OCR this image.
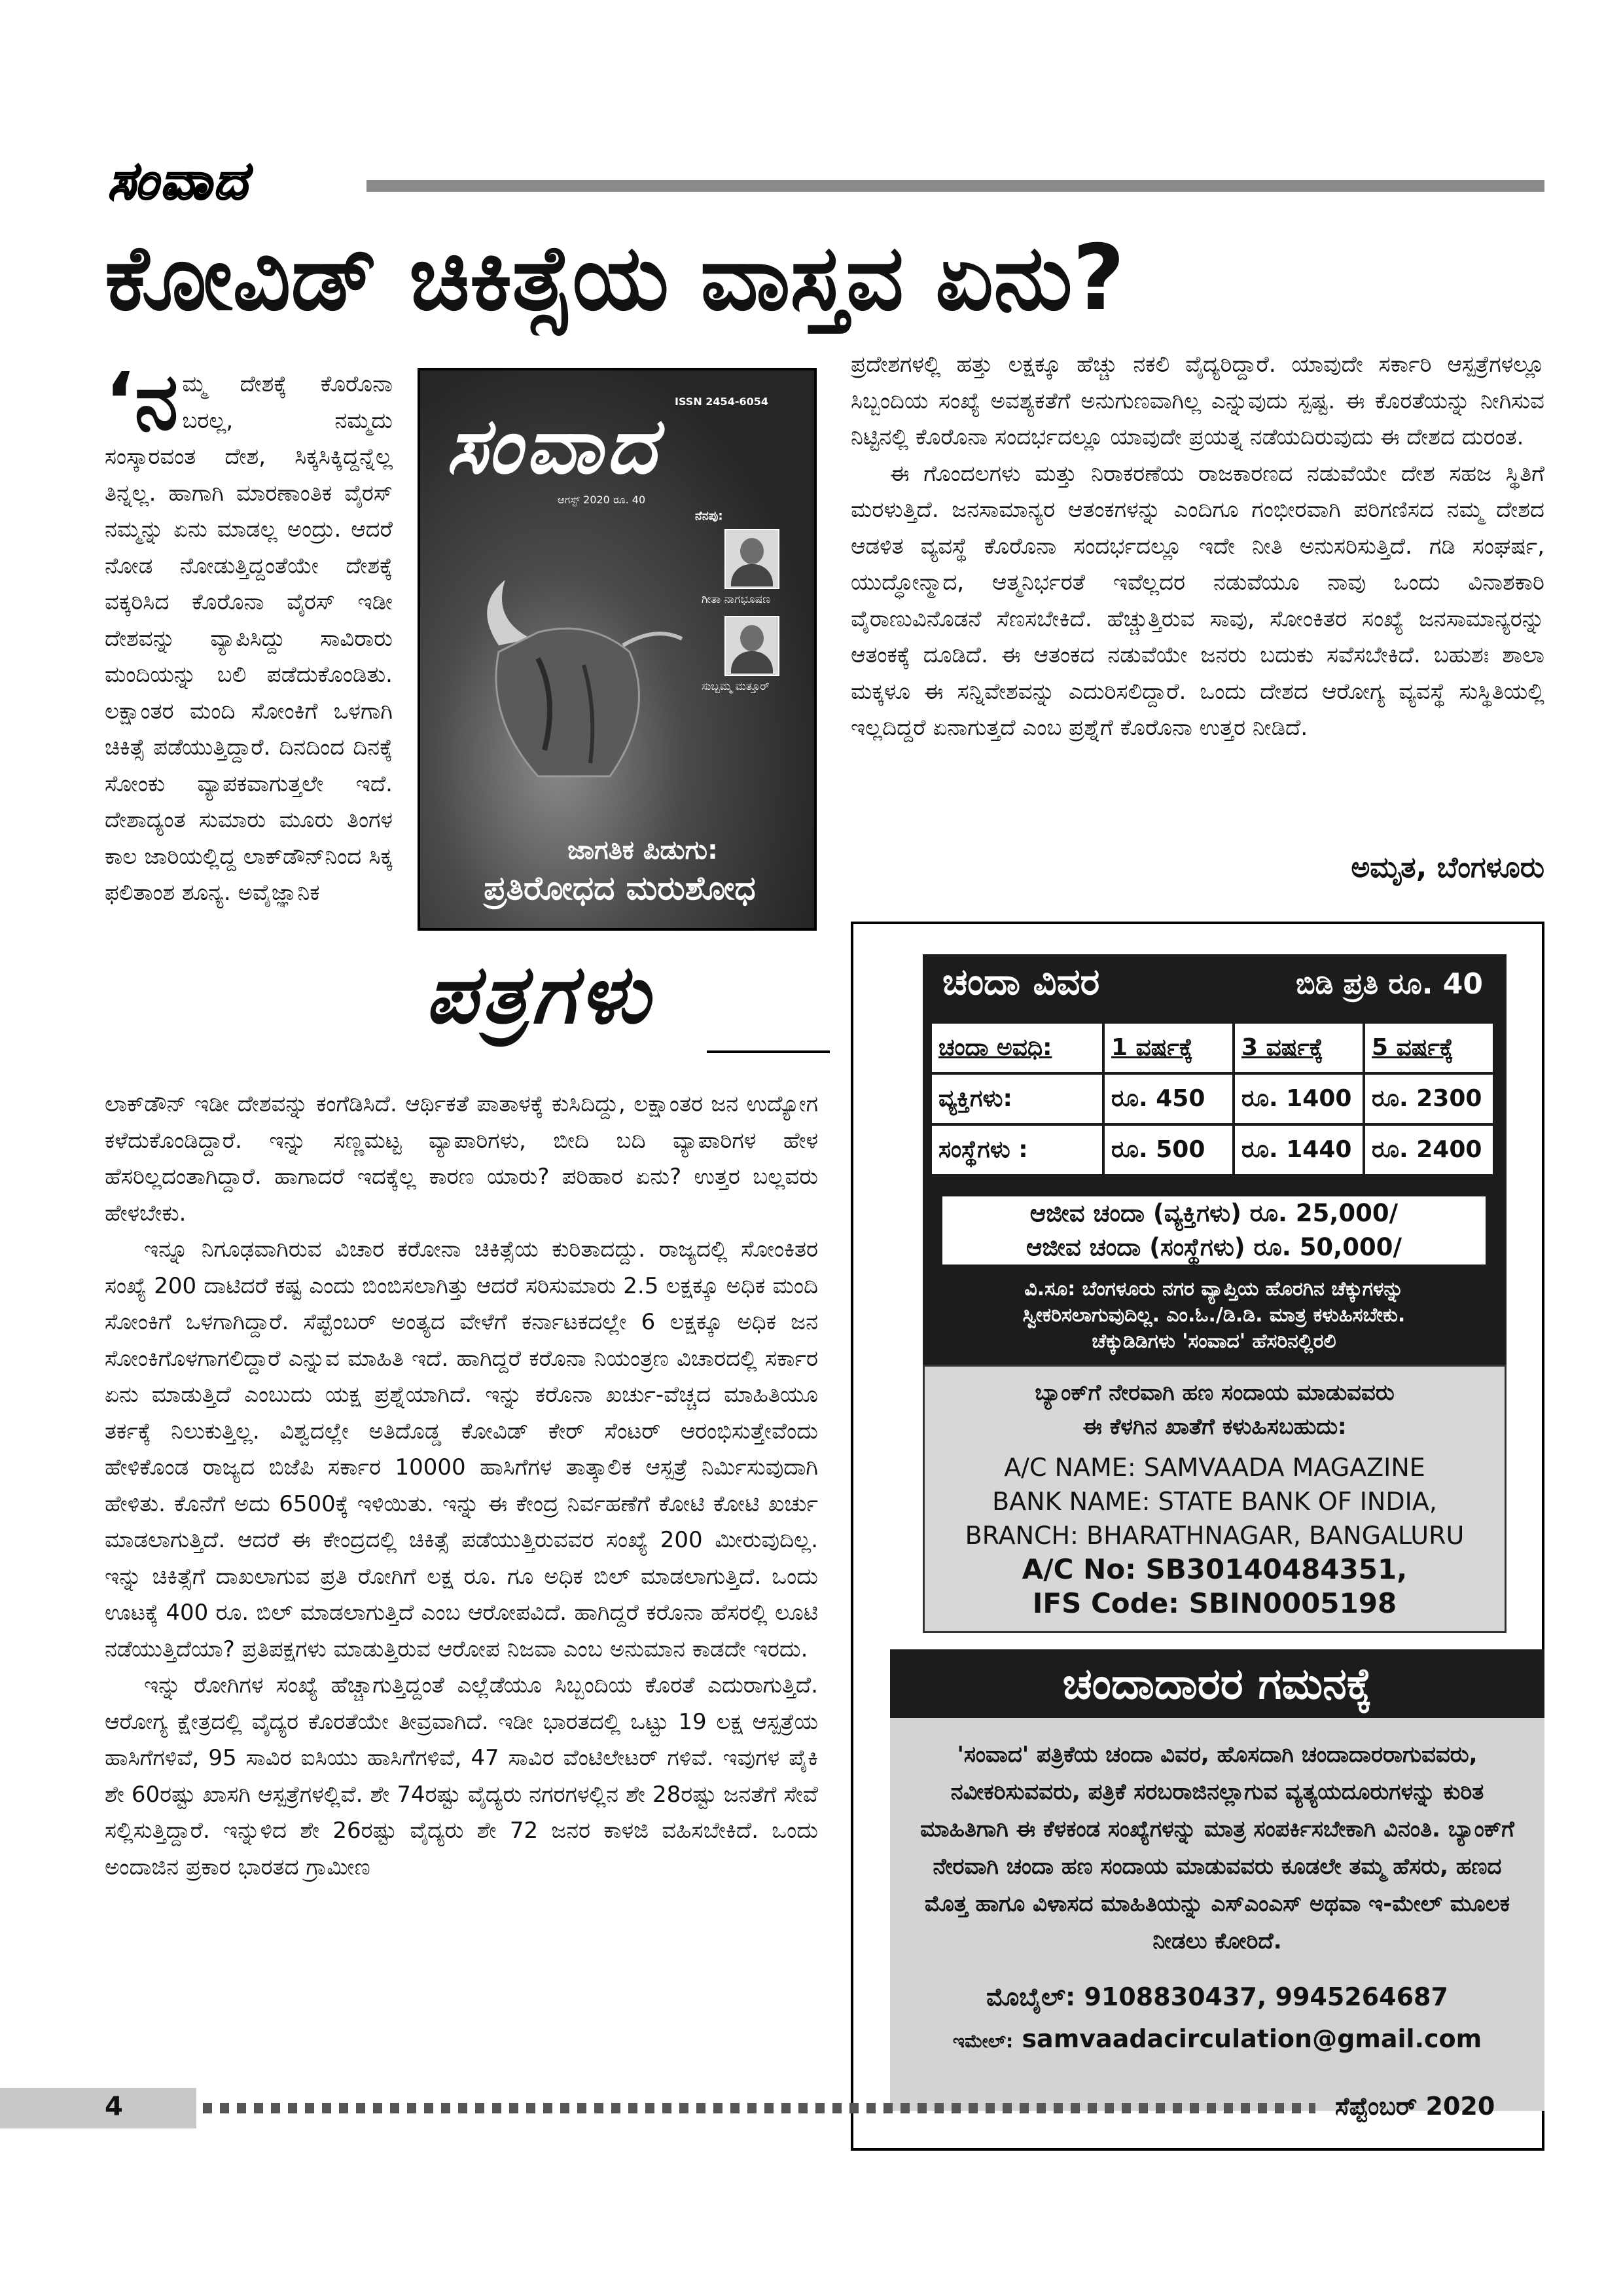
ಸಂವಾದ
ಕೋವಿಡ್ ಚಿಕಿತ್ಸೆಯ ವಾಸ್ತವ ಏನು?
‘ನ ಮ್ಮ ದೇಶಕ್ಕೆ ಕೊರೊನಾ ಬರಲ್ಲ, ನಮ್ಮದು ಸಂಸ್ಕಾರವಂತ ದೇಶ, ಸಿಕ್ಕಸಿಕ್ಕಿದ್ದನ್ನೆಲ್ಲ ತಿನ್ನಲ್ಲ. ಹಾಗಾಗಿ ಮಾರಣಾಂತಿಕ ವೈರಸ್ ನಮ್ಮನ್ನು ಏನು ಮಾಡಲ್ಲ ಅಂದ್ರು. ಆದರೆ ನೋಡ ನೋಡುತ್ತಿದ್ದಂತೆಯೇ ದೇಶಕ್ಕೆ ವಕ್ಕರಿಸಿದ ಕೊರೊನಾ ವೈರಸ್ ಇಡೀ ದೇಶವನ್ನು ವ್ಯಾಪಿಸಿದ್ದು ಸಾವಿರಾರು ಮಂದಿಯನ್ನು ಬಲಿ ಪಡೆದುಕೊಂಡಿತು. ಲಕ್ಷಾಂತರ ಮಂದಿ ಸೋಂಕಿಗೆ ಒಳಗಾಗಿ ಚಿಕಿತ್ಸೆ ಪಡೆಯುತ್ತಿದ್ದಾರೆ. ದಿನದಿಂದ ದಿನಕ್ಕೆ ಸೋಂಕು ವ್ಯಾಪಕವಾಗುತ್ತಲೇ ಇದೆ. ದೇಶಾದ್ಯಂತ ಸುಮಾರು ಮೂರು ತಿಂಗಳ ಕಾಲ ಜಾರಿಯಲ್ಲಿದ್ದ ಲಾಕ್‌ಡೌನ್‌ನಿಂದ ಸಿಕ್ಕ ಫಲಿತಾಂಶ ಶೂನ್ಯ. ಅವೈಜ್ಞಾನಿಕ
ISSN 2454-6054
ಸಂವಾದ
ಆಗಸ್ಟ್ 2020 ರೂ. 40
ನೆನಪು:
ಗೀತಾ ನಾಗಭೂಷಣ
ಸುಬ್ಬಮ್ಮ ಮತ್ತೂರ್
ಜಾಗತಿಕ ಪಿಡುಗು:
ಪ್ರತಿರೋಧದ ಮರುಶೋಧ
ಪತ್ರಗಳು

ಲಾಕ್‌ಡೌನ್ ಇಡೀ ದೇಶವನ್ನು ಕಂಗೆಡಿಸಿದೆ. ಆರ್ಥಿಕತೆ ಪಾತಾಳಕ್ಕೆ ಕುಸಿದಿದ್ದು, ಲಕ್ಷಾಂತರ ಜನ ಉದ್ಯೋಗ ಕಳೆದುಕೊಂಡಿದ್ದಾರೆ. ಇನ್ನು ಸಣ್ಣಮಟ್ಟ ವ್ಯಾಪಾರಿಗಳು, ಬೀದಿ ಬದಿ ವ್ಯಾಪಾರಿಗಳ ಹೇಳ ಹೆಸರಿಲ್ಲದಂತಾಗಿದ್ದಾರೆ. ಹಾಗಾದರೆ ಇದಕ್ಕೆಲ್ಲ ಕಾರಣ ಯಾರು? ಪರಿಹಾರ ಏನು? ಉತ್ತರ ಬಲ್ಲವರು ಹೇಳಬೇಕು.

ಇನ್ನೂ ನಿಗೂಢವಾಗಿರುವ ವಿಚಾರ ಕರೋನಾ ಚಿಕಿತ್ಸೆಯ ಕುರಿತಾದದ್ದು. ರಾಜ್ಯದಲ್ಲಿ ಸೋಂಕಿತರ ಸಂಖ್ಯೆ 200 ದಾಟಿದರೆ ಕಷ್ಟ ಎಂದು ಬಿಂಬಿಸಲಾಗಿತ್ತು ಆದರೆ ಸರಿಸುಮಾರು 2.5 ಲಕ್ಷಕ್ಕೂ ಅಧಿಕ ಮಂದಿ ಸೋಂಕಿಗೆ ಒಳಗಾಗಿದ್ದಾರೆ. ಸೆಪ್ಟೆಂಬರ್ ಅಂತ್ಯದ ವೇಳೆಗೆ ಕರ್ನಾಟಕದಲ್ಲೇ 6 ಲಕ್ಷಕ್ಕೂ ಅಧಿಕ ಜನ ಸೋಂಕಿಗೊಳಗಾಗಲಿದ್ದಾರೆ ಎನ್ನುವ ಮಾಹಿತಿ ಇದೆ. ಹಾಗಿದ್ದರೆ ಕರೊನಾ ನಿಯಂತ್ರಣ ವಿಚಾರದಲ್ಲಿ ಸರ್ಕಾರ ಏನು ಮಾಡುತ್ತಿದೆ ಎಂಬುದು ಯಕ್ಷ ಪ್ರಶ್ನೆಯಾಗಿದೆ. ಇನ್ನು ಕರೊನಾ ಖರ್ಚು-ವೆಚ್ಚದ ಮಾಹಿತಿಯೂ ತರ್ಕಕ್ಕೆ ನಿಲುಕುತ್ತಿಲ್ಲ. ವಿಶ್ವದಲ್ಲೇ ಅತಿದೊಡ್ಡ ಕೋವಿಡ್ ಕೇರ್ ಸೆಂಟರ್ ಆರಂಭಿಸುತ್ತೇವೆಂದು ಹೇಳಿಕೊಂಡ ರಾಜ್ಯದ ಬಿಜೆಪಿ ಸರ್ಕಾರ 10000 ಹಾಸಿಗೆಗಳ ತಾತ್ಕಾಲಿಕ ಆಸ್ಪತ್ರೆ ನಿರ್ಮಿಸುವುದಾಗಿ ಹೇಳಿತು. ಕೊನೆಗೆ ಅದು 6500ಕ್ಕೆ ಇಳಿಯಿತು. ಇನ್ನು ಈ ಕೇಂದ್ರ ನಿರ್ವಹಣೆಗೆ ಕೋಟಿ ಕೋಟಿ ಖರ್ಚು ಮಾಡಲಾಗುತ್ತಿದೆ. ಆದರೆ ಈ ಕೇಂದ್ರದಲ್ಲಿ ಚಿಕಿತ್ಸೆ ಪಡೆಯುತ್ತಿರುವವರ ಸಂಖ್ಯೆ 200 ಮೀರುವುದಿಲ್ಲ. ಇನ್ನು ಚಿಕಿತ್ಸೆಗೆ ದಾಖಲಾಗುವ ಪ್ರತಿ ರೋಗಿಗೆ ಲಕ್ಷ ರೂ. ಗೂ ಅಧಿಕ ಬಿಲ್ ಮಾಡಲಾಗುತ್ತಿದೆ. ಒಂದು ಊಟಕ್ಕೆ 400 ರೂ. ಬಿಲ್ ಮಾಡಲಾಗುತ್ತಿದೆ ಎಂಬ ಆರೋಪವಿದೆ. ಹಾಗಿದ್ದರೆ ಕರೊನಾ ಹೆಸರಲ್ಲಿ ಲೂಟಿ ನಡೆಯುತ್ತಿದೆಯಾ? ಪ್ರತಿಪಕ್ಷಗಳು ಮಾಡುತ್ತಿರುವ ಆರೋಪ ನಿಜವಾ ಎಂಬ ಅನುಮಾನ ಕಾಡದೇ ಇರದು.

ಇನ್ನು ರೋಗಿಗಳ ಸಂಖ್ಯೆ ಹೆಚ್ಚಾಗುತ್ತಿದ್ದಂತೆ ಎಲ್ಲೆಡೆಯೂ ಸಿಬ್ಬಂದಿಯ ಕೊರತೆ ಎದುರಾಗುತ್ತಿದೆ. ಆರೋಗ್ಯ ಕ್ಷೇತ್ರದಲ್ಲಿ ವೈದ್ಯರ ಕೊರತೆಯೇ ತೀವ್ರವಾಗಿದೆ. ಇಡೀ ಭಾರತದಲ್ಲಿ ಒಟ್ಟು 19 ಲಕ್ಷ ಆಸ್ಪತ್ರೆಯ ಹಾಸಿಗೆಗಳಿವೆ, 95 ಸಾವಿರ ಐಸಿಯು ಹಾಸಿಗೆಗಳಿವೆ, 47 ಸಾವಿರ ವೆಂಟಿಲೇಟರ್ ಗಳಿವೆ. ಇವುಗಳ ಪೈಕಿ ಶೇ 60ರಷ್ಟು ಖಾಸಗಿ ಆಸ್ಪತ್ರೆಗಳಲ್ಲಿವೆ. ಶೇ 74ರಷ್ಟು ವೈದ್ಯರು ನಗರಗಳಲ್ಲಿನ ಶೇ 28ರಷ್ಟು ಜನತೆಗೆ ಸೇವೆ ಸಲ್ಲಿಸುತ್ತಿದ್ದಾರೆ. ಇನ್ನುಳಿದ ಶೇ 26ರಷ್ಟು ವೈದ್ಯರು ಶೇ 72 ಜನರ ಕಾಳಜಿ ವಹಿಸಬೇಕಿದೆ. ಒಂದು ಅಂದಾಜಿನ ಪ್ರಕಾರ ಭಾರತದ ಗ್ರಾಮೀಣ

ಪ್ರದೇಶಗಳಲ್ಲಿ ಹತ್ತು ಲಕ್ಷಕ್ಕೂ ಹೆಚ್ಚು ನಕಲಿ ವೈದ್ಯರಿದ್ದಾರೆ. ಯಾವುದೇ ಸರ್ಕಾರಿ ಆಸ್ಪತ್ರೆಗಳಲ್ಲೂ ಸಿಬ್ಬಂದಿಯ ಸಂಖ್ಯೆ ಅವಶ್ಯಕತೆಗೆ ಅನುಗುಣವಾಗಿಲ್ಲ ಎನ್ನುವುದು ಸ್ಪಷ್ಟ. ಈ ಕೊರತೆಯನ್ನು ನೀಗಿಸುವ ನಿಟ್ಟಿನಲ್ಲಿ ಕೊರೊನಾ ಸಂದರ್ಭದಲ್ಲೂ ಯಾವುದೇ ಪ್ರಯತ್ನ ನಡೆಯದಿರುವುದು ಈ ದೇಶದ ದುರಂತ.

ಈ ಗೊಂದಲಗಳು ಮತ್ತು ನಿರಾಕರಣೆಯ ರಾಜಕಾರಣದ ನಡುವೆಯೇ ದೇಶ ಸಹಜ ಸ್ಥಿತಿಗೆ ಮರಳುತ್ತಿದೆ. ಜನಸಾಮಾನ್ಯರ ಆತಂಕಗಳನ್ನು ಎಂದಿಗೂ ಗಂಭೀರವಾಗಿ ಪರಿಗಣಿಸದ ನಮ್ಮ ದೇಶದ ಆಡಳಿತ ವ್ಯವಸ್ಥೆ ಕೊರೊನಾ ಸಂದರ್ಭದಲ್ಲೂ ಇದೇ ನೀತಿ ಅನುಸರಿಸುತ್ತಿದೆ. ಗಡಿ ಸಂಘರ್ಷ, ಯುದ್ಧೋನ್ಮಾದ, ಆತ್ಮನಿರ್ಭರತೆ ಇವೆಲ್ಲದರ ನಡುವೆಯೂ ನಾವು ಒಂದು ವಿನಾಶಕಾರಿ ವೈರಾಣುವಿನೊಡನೆ ಸೆಣಸಬೇಕಿದೆ. ಹೆಚ್ಚುತ್ತಿರುವ ಸಾವು, ಸೋಂಕಿತರ ಸಂಖ್ಯೆ ಜನಸಾಮಾನ್ಯರನ್ನು ಆತಂಕಕ್ಕೆ ದೂಡಿದೆ. ಈ ಆತಂಕದ ನಡುವೆಯೇ ಜನರು ಬದುಕು ಸವೆಸಬೇಕಿದೆ. ಬಹುಶಃ ಶಾಲಾ ಮಕ್ಕಳೂ ಈ ಸನ್ನಿವೇಶವನ್ನು ಎದುರಿಸಲಿದ್ದಾರೆ. ಒಂದು ದೇಶದ ಆರೋಗ್ಯ ವ್ಯವಸ್ಥೆ ಸುಸ್ಥಿತಿಯಲ್ಲಿ ಇಲ್ಲದಿದ್ದರೆ ಏನಾಗುತ್ತದೆ ಎಂಬ ಪ್ರಶ್ನೆಗೆ ಕೊರೊನಾ ಉತ್ತರ ನೀಡಿದೆ.

ಅಮೃತ, ಬೆಂಗಳೂರು
ಚಂದಾ ವಿವರ	ಬಿಡಿ ಪ್ರತಿ ರೂ. 40
ಚಂದಾ ಅವಧಿ:	1 ವರ್ಷಕ್ಕೆ	3 ವರ್ಷಕ್ಕೆ	5 ವರ್ಷಕ್ಕೆ
ವ್ಯಕ್ತಿಗಳು:	ರೂ. 450	ರೂ. 1400	ರೂ. 2300
ಸಂಸ್ಥೆಗಳು :	ರೂ. 500	ರೂ. 1440	ರೂ. 2400
ಆಜೀವ ಚಂದಾ (ವ್ಯಕ್ತಿಗಳು) ರೂ. 25,000/
ಆಜೀವ ಚಂದಾ (ಸಂಸ್ಥೆಗಳು) ರೂ. 50,000/
ವಿ.ಸೂ: ಬೆಂಗಳೂರು ನಗರ ವ್ಯಾಪ್ತಿಯ ಹೊರಗಿನ ಚೆಕ್ಕುಗಳನ್ನು
ಸ್ವೀಕರಿಸಲಾಗುವುದಿಲ್ಲ. ಎಂ.ಓ./ಡಿ.ಡಿ. ಮಾತ್ರ ಕಳುಹಿಸಬೇಕು.
ಚೆಕ್ಕುಡಿಡಿಗಳು 'ಸಂವಾದ' ಹೆಸರಿನಲ್ಲಿರಲಿ
ಬ್ಯಾಂಕ್‌ಗೆ ನೇರವಾಗಿ ಹಣ ಸಂದಾಯ ಮಾಡುವವರು
ಈ ಕೆಳಗಿನ ಖಾತೆಗೆ ಕಳುಹಿಸಬಹುದು:
A/C NAME: SAMVAADA MAGAZINE
BANK NAME: STATE BANK OF INDIA,
BRANCH: BHARATHNAGAR, BANGALURU
A/C No: SB30140484351,
IFS Code: SBIN0005198
ಚಂದಾದಾರರ ಗಮನಕ್ಕೆ
'ಸಂವಾದ' ಪತ್ರಿಕೆಯ ಚಂದಾ ವಿವರ, ಹೊಸದಾಗಿ ಚಂದಾದಾರರಾಗುವವರು, ನವೀಕರಿಸುವವರು, ಪತ್ರಿಕೆ ಸರಬರಾಜಿನಲ್ಲಾಗುವ ವ್ಯತ್ಯಯದೂರುಗಳನ್ನು ಕುರಿತ ಮಾಹಿತಿಗಾಗಿ ಈ ಕೆಳಕಂಡ ಸಂಖ್ಯೆಗಳನ್ನು ಮಾತ್ರ ಸಂಪರ್ಕಿಸಬೇಕಾಗಿ ವಿನಂತಿ. ಬ್ಯಾಂಕ್‌ಗೆ ನೇರವಾಗಿ ಚಂದಾ ಹಣ ಸಂದಾಯ ಮಾಡುವವರು ಕೂಡಲೇ ತಮ್ಮ ಹೆಸರು, ಹಣದ ಮೊತ್ತ ಹಾಗೂ ವಿಳಾಸದ ಮಾಹಿತಿಯನ್ನು ಎಸ್‌ಎಂಎಸ್ ಅಥವಾ ಇ-ಮೇಲ್ ಮೂಲಕ ನೀಡಲು ಕೋರಿದೆ.
ಮೊಬೈಲ್: 9108830437, 9945264687
ಇಮೇಲ್: samvaadacirculation@gmail.com
4	ಸೆಪ್ಟೆಂಬರ್ 2020
